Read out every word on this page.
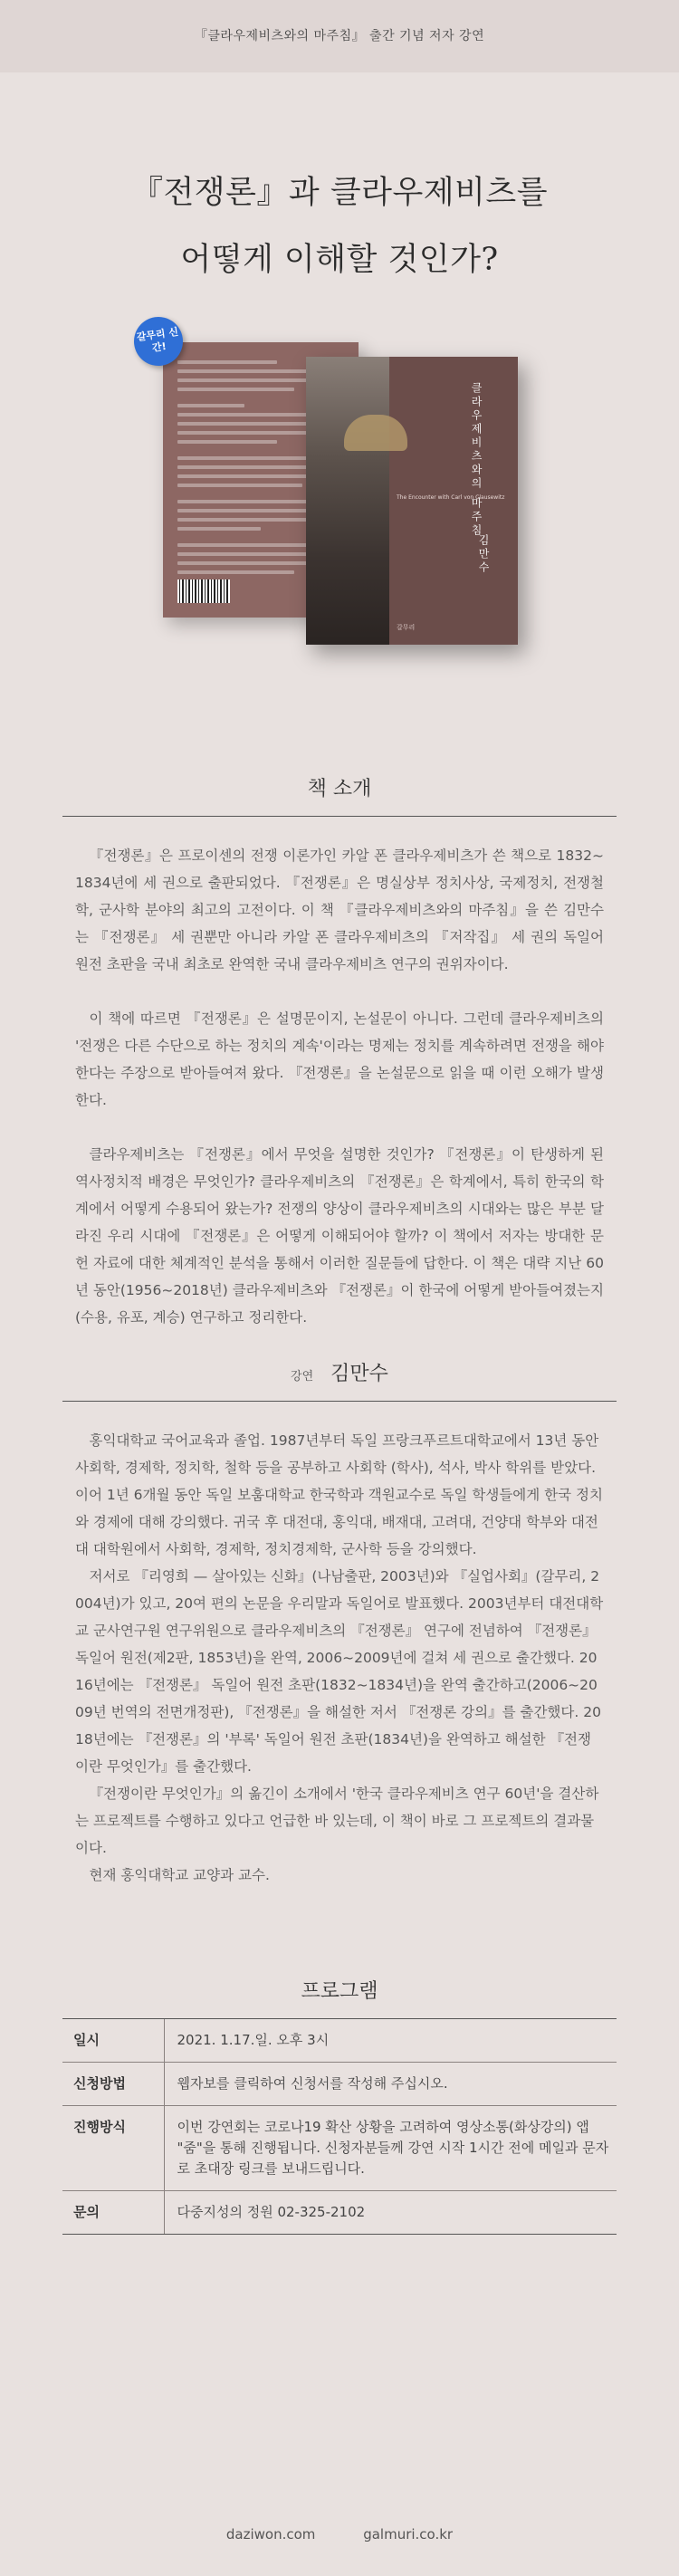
『클라우제비츠와의 마주침』 출간 기념 저자 강연
『전쟁론』과 클라우제비츠를
어떻게 이해할 것인가?
갈무리 신간!
클라우제비츠와의 마주침
The Encounter with Carl von Clausewitz
김만수
갈무리
책 소개

『전쟁론』은 프로이센의 전쟁 이론가인 카알 폰 클라우제비츠가 쓴 책으로 1832~1834년에 세 권으로 출판되었다. 『전쟁론』은 명실상부 정치사상, 국제정치, 전쟁철학, 군사학 분야의 최고의 고전이다. 이 책 『클라우제비츠와의 마주침』을 쓴 김만수는 『전쟁론』 세 권뿐만 아니라 카알 폰 클라우제비츠의 『저작집』 세 권의 독일어 원전 초판을 국내 최초로 완역한 국내 클라우제비츠 연구의 권위자이다.

이 책에 따르면 『전쟁론』은 설명문이지, 논설문이 아니다. 그런데 클라우제비츠의 '전쟁은 다른 수단으로 하는 정치의 계속'이라는 명제는 정치를 계속하려면 전쟁을 해야 한다는 주장으로 받아들여져 왔다. 『전쟁론』을 논설문으로 읽을 때 이런 오해가 발생한다.

클라우제비츠는 『전쟁론』에서 무엇을 설명한 것인가? 『전쟁론』이 탄생하게 된 역사정치적 배경은 무엇인가? 클라우제비츠의 『전쟁론』은 학계에서, 특히 한국의 학계에서 어떻게 수용되어 왔는가? 전쟁의 양상이 클라우제비츠의 시대와는 많은 부분 달라진 우리 시대에 『전쟁론』은 어떻게 이해되어야 할까? 이 책에서 저자는 방대한 문헌 자료에 대한 체계적인 분석을 통해서 이러한 질문들에 답한다. 이 책은 대략 지난 60년 동안(1956~2018년) 클라우제비츠와 『전쟁론』이 한국에 어떻게 받아들여졌는지(수용, 유포, 계승) 연구하고 정리한다.

강연 김만수

홍익대학교 국어교육과 졸업. 1987년부터 독일 프랑크푸르트대학교에서 13년 동안 사회학, 경제학, 정치학, 철학 등을 공부하고 사회학 (학사), 석사, 박사 학위를 받았다. 이어 1년 6개월 동안 독일 보훔대학교 한국학과 객원교수로 독일 학생들에게 한국 정치와 경제에 대해 강의했다. 귀국 후 대전대, 홍익대, 배재대, 고려대, 건양대 학부와 대전대 대학원에서 사회학, 경제학, 정치경제학, 군사학 등을 강의했다.

저서로 『리영희 — 살아있는 신화』(나남출판, 2003년)와 『실업사회』(갈무리, 2004년)가 있고, 20여 편의 논문을 우리말과 독일어로 발표했다. 2003년부터 대전대학교 군사연구원 연구위원으로 클라우제비츠의 『전쟁론』 연구에 전념하여 『전쟁론』 독일어 원전(제2판, 1853년)을 완역, 2006~2009년에 걸쳐 세 권으로 출간했다. 2016년에는 『전쟁론』 독일어 원전 초판(1832~1834년)을 완역 출간하고(2006~2009년 번역의 전면개정판), 『전쟁론』을 해설한 저서 『전쟁론 강의』를 출간했다. 2018년에는 『전쟁론』의 '부록' 독일어 원전 초판(1834년)을 완역하고 해설한 『전쟁이란 무엇인가』를 출간했다.

『전쟁이란 무엇인가』의 옮긴이 소개에서 '한국 클라우제비츠 연구 60년'을 결산하는 프로젝트를 수행하고 있다고 언급한 바 있는데, 이 책이 바로 그 프로젝트의 결과물이다.

현재 홍익대학교 교양과 교수.

프로그램
일시	2021. 1.17.일. 오후 3시
신청방법	웹자보를 클릭하여 신청서를 작성해 주십시오.
진행방식	이번 강연회는 코로나19 확산 상황을 고려하여 영상소통(화상강의) 앱 "줌"을 통해 진행됩니다. 신청자분들께 강연 시작 1시간 전에 메일과 문자로 초대장 링크를 보내드립니다.
문의	다중지성의 정원 02-325-2102
daziwon.com	galmuri.co.kr
